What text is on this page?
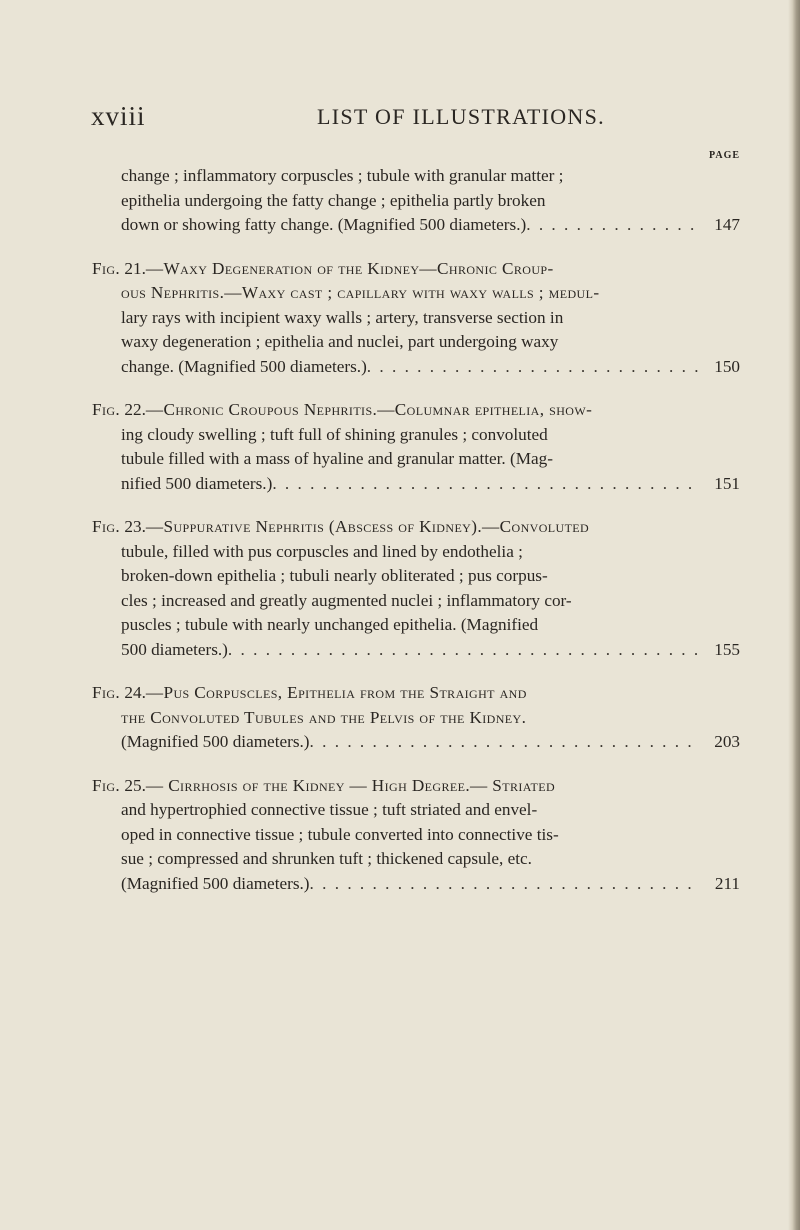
xviii	LIST OF ILLUSTRATIONS.
PAGE
change ; inflammatory corpuscles ; tubule with granular matter ;
epithelia undergoing the fatty change ; epithelia partly broken
down or showing fatty change. (Magnified 500 diameters.) . . .	147
Fig. 21.—Waxy Degeneration of the Kidney—Chronic Croup-
ous Nephritis.—Waxy cast ; capillary with waxy walls ; medul-
lary rays with incipient waxy walls ; artery, transverse section in
waxy degeneration ; epithelia and nuclei, part undergoing waxy
change. (Magnified 500 diameters.) . . .	150
Fig. 22.—Chronic Croupous Nephritis.—Columnar epithelia, show-
ing cloudy swelling ; tuft full of shining granules ; convoluted
tubule filled with a mass of hyaline and granular matter. (Mag-
nified 500 diameters.) . . .	151
Fig. 23.—Suppurative Nephritis (Abscess of Kidney).—Convoluted
tubule, filled with pus corpuscles and lined by endothelia ;
broken-down epithelia ; tubuli nearly obliterated ; pus corpus-
cles ; increased and greatly augmented nuclei ; inflammatory cor-
puscles ; tubule with nearly unchanged epithelia. (Magnified
500 diameters.) . . .	155
Fig. 24.—Pus Corpuscles, Epithelia from the Straight and
the Convoluted Tubules and the Pelvis of the Kidney.
(Magnified 500 diameters.) . . .	203
Fig. 25.— Cirrhosis of the Kidney — High Degree.— Striated
and hypertrophied connective tissue ; tuft striated and envel-
oped in connective tissue ; tubule converted into connective tis-
sue ; compressed and shrunken tuft ; thickened capsule, etc.
(Magnified 500 diameters.) . . .	211
